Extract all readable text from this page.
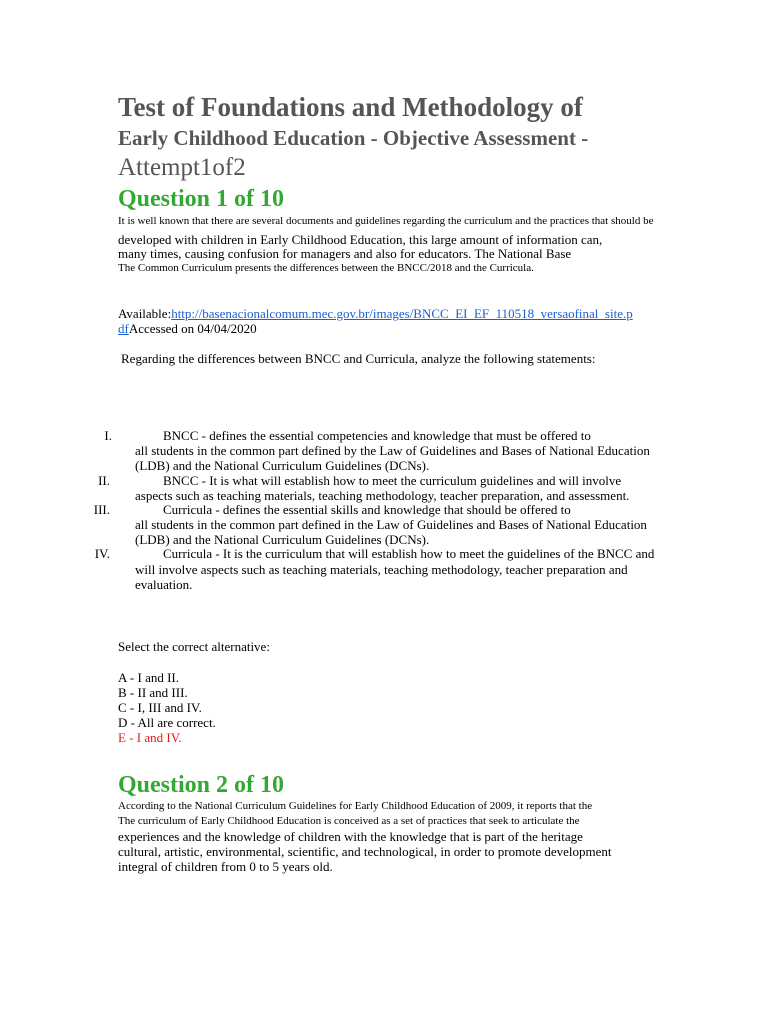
Test of Foundations and Methodology of
Early Childhood Education - Objective Assessment -
Attempt1of2
Question 1 of 10
It is well known that there are several documents and guidelines regarding the curriculum and the practices that should be
developed with children in Early Childhood Education, this large amount of information can,
many times, causing confusion for managers and also for educators. The National Base
The Common Curriculum presents the differences between the BNCC/2018 and the Curricula.
Available:http://basenacionalcomum.mec.gov.br/images/BNCC_EI_EF_110518_versaofinal_site.p
dfAccessed on 04/04/2020
Regarding the differences between BNCC and Curricula, analyze the following statements:
I.	BNCC - defines the essential competencies and knowledge that must be offered to
all students in the common part defined by the Law of Guidelines and Bases of National Education
(LDB) and the National Curriculum Guidelines (DCNs).
II.	BNCC - It is what will establish how to meet the curriculum guidelines and will involve
aspects such as teaching materials, teaching methodology, teacher preparation, and assessment.
III.	Curricula - defines the essential skills and knowledge that should be offered to
all students in the common part defined in the Law of Guidelines and Bases of National Education
(LDB) and the National Curriculum Guidelines (DCNs).
IV.	Curricula - It is the curriculum that will establish how to meet the guidelines of the BNCC and
will involve aspects such as teaching materials, teaching methodology, teacher preparation and
evaluation.
Select the correct alternative:
A - I and II.
B - II and III.
C - I, III and IV.
D - All are correct.
E - I and IV.
Question 2 of 10
According to the National Curriculum Guidelines for Early Childhood Education of 2009, it reports that the
The curriculum of Early Childhood Education is conceived as a set of practices that seek to articulate the
experiences and the knowledge of children with the knowledge that is part of the heritage
cultural, artistic, environmental, scientific, and technological, in order to promote development
integral of children from 0 to 5 years old.
